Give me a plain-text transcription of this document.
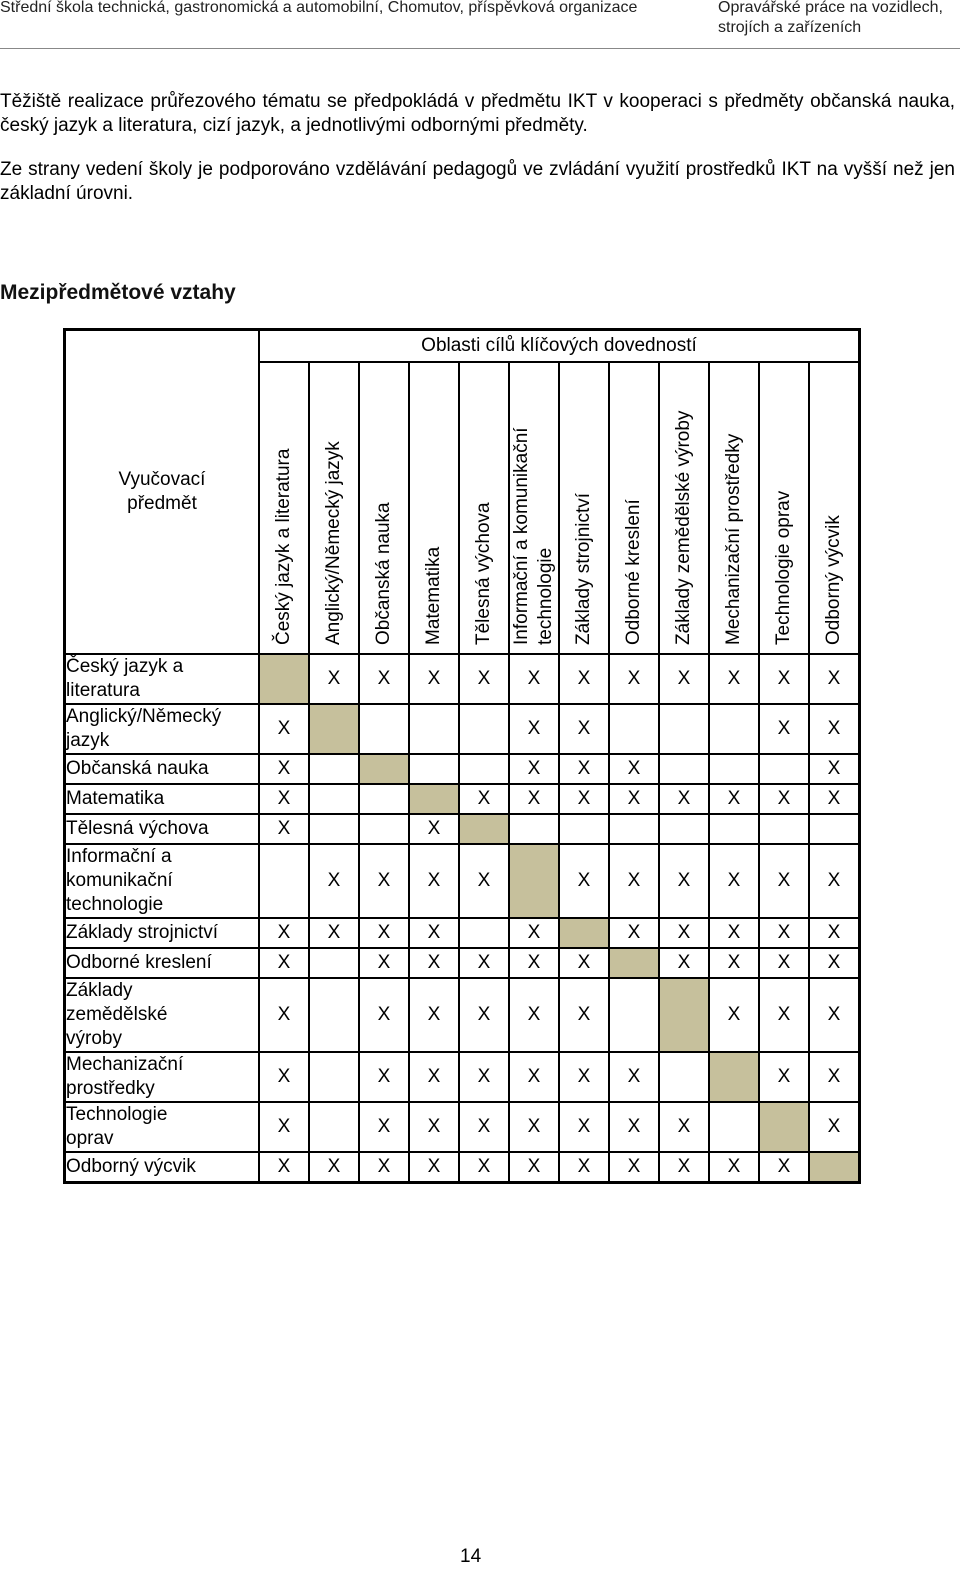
Střední škola technická, gastronomická a automobilní, Chomutov, příspěvková organizace	Opravářské práce na vozidlech,
strojích a zařízeních

Těžiště realizace průřezového tématu se předpokládá v předmětu IKT v kooperaci s předměty občanská nauka, český jazyk a literatura, cizí jazyk, a jednotlivými odbornými předměty.

Ze strany vedení školy je podporováno vzdělávání pedagogů ve zvládání využití prostředků IKT na vyšší než jen základní úrovni.

Mezipředmětové vztahy
Vyučovací
předmět	Oblasti cílů klíčových dovedností											

	Český jazyk a literatura	Anglický/Německý jazyk	Občanská nauka	Matematika	Tělesná výchova	Informační a komunikační technologie	Základy strojnictví	Odborné kreslení	Základy zemědělské výroby	Mechanizační prostředky	Technologie oprav	Odborný výcvik

Český jazyk a
literatura		X	X	X	X	X	X	X	X	X	X	X

Anglický/Německý
jazyk	X					X	X				X	X

Občanská nauka	X					X	X	X				X

Matematika	X				X	X	X	X	X	X	X	X

Tělesná výchova	X			X								

Informační a
komunikační
technologie		X	X	X	X		X	X	X	X	X	X

Základy strojnictví	X	X	X	X		X		X	X	X	X	X

Odborné kreslení	X		X	X	X	X	X		X	X	X	X

Základy
zemědělské
výroby	X		X	X	X	X	X			X	X	X

Mechanizační
prostředky	X		X	X	X	X	X	X			X	X

Technologie
oprav	X		X	X	X	X	X	X	X			X

Odborný výcvik	X	X	X	X	X	X	X	X	X	X	X	
14
